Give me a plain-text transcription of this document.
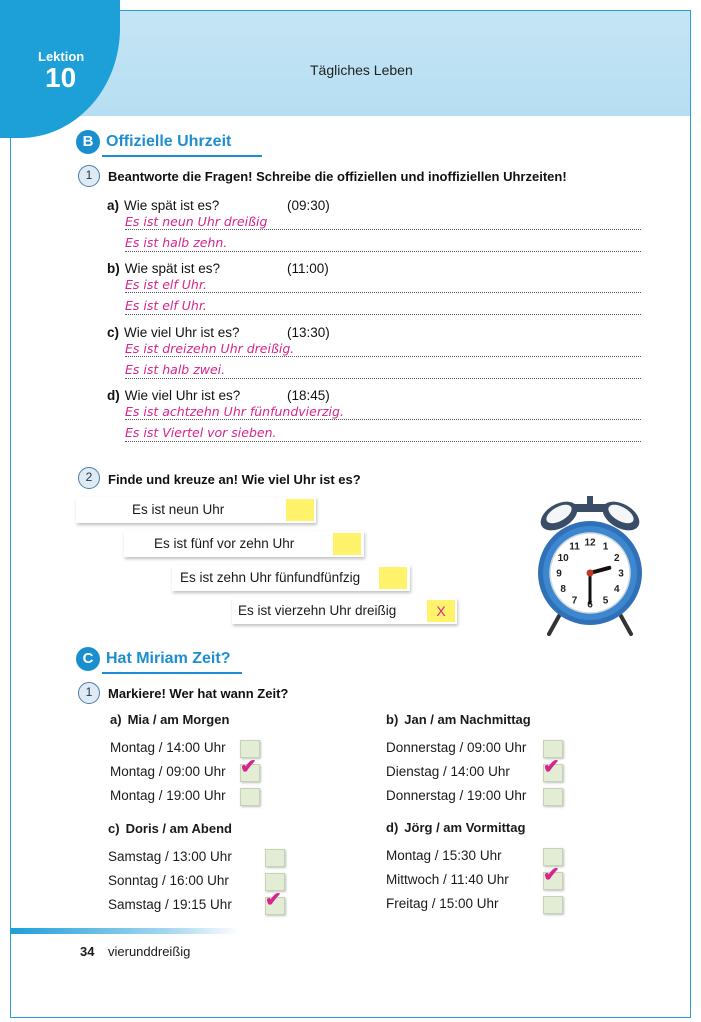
Lektion
10	Tägliches Leben
B Offizielle Uhrzeit
1	Beantworte die Fragen! Schreibe die offiziellen und inoffiziellen Uhrzeiten!
a) Wie spät ist es?	(09:30)
Es ist neun Uhr dreißig
Es ist halb zehn.
b) Wie spät ist es?	(11:00)
Es ist elf Uhr.
Es ist elf Uhr.
c) Wie viel Uhr ist es?	(13:30)
Es ist dreizehn Uhr dreißig.
Es ist halb zwei.
d) Wie viel Uhr ist es?	(18:45)
Es ist achtzehn Uhr fünfundvierzig.
Es ist Viertel vor sieben.
2	Finde und kreuze an! Wie viel Uhr ist es?
Es ist neun Uhr
Es ist fünf vor zehn Uhr
Es ist zehn Uhr fünfundfünfzig
Es ist vierzehn Uhr dreißig	X
12 1
2
3
4
5
6
7
8
9
10
11
C Hat Miriam Zeit?
1	Markiere! Wer hat wann Zeit?
a) Mia / am Morgen
Montag / 14:00 Uhr
Montag / 09:00 Uhr ✔
Montag / 19:00 Uhr
b) Jan / am Nachmittag
Donnerstag / 09:00 Uhr
Dienstag / 14:00 Uhr ✔
Donnerstag / 19:00 Uhr
c) Doris / am Abend
Samstag / 13:00 Uhr
Sonntag / 16:00 Uhr
Samstag / 19:15 Uhr ✔
d) Jörg / am Vormittag
Montag / 15:30 Uhr
Mittwoch / 11:40 Uhr ✔
Freitag / 15:00 Uhr
34 vierunddreißig
